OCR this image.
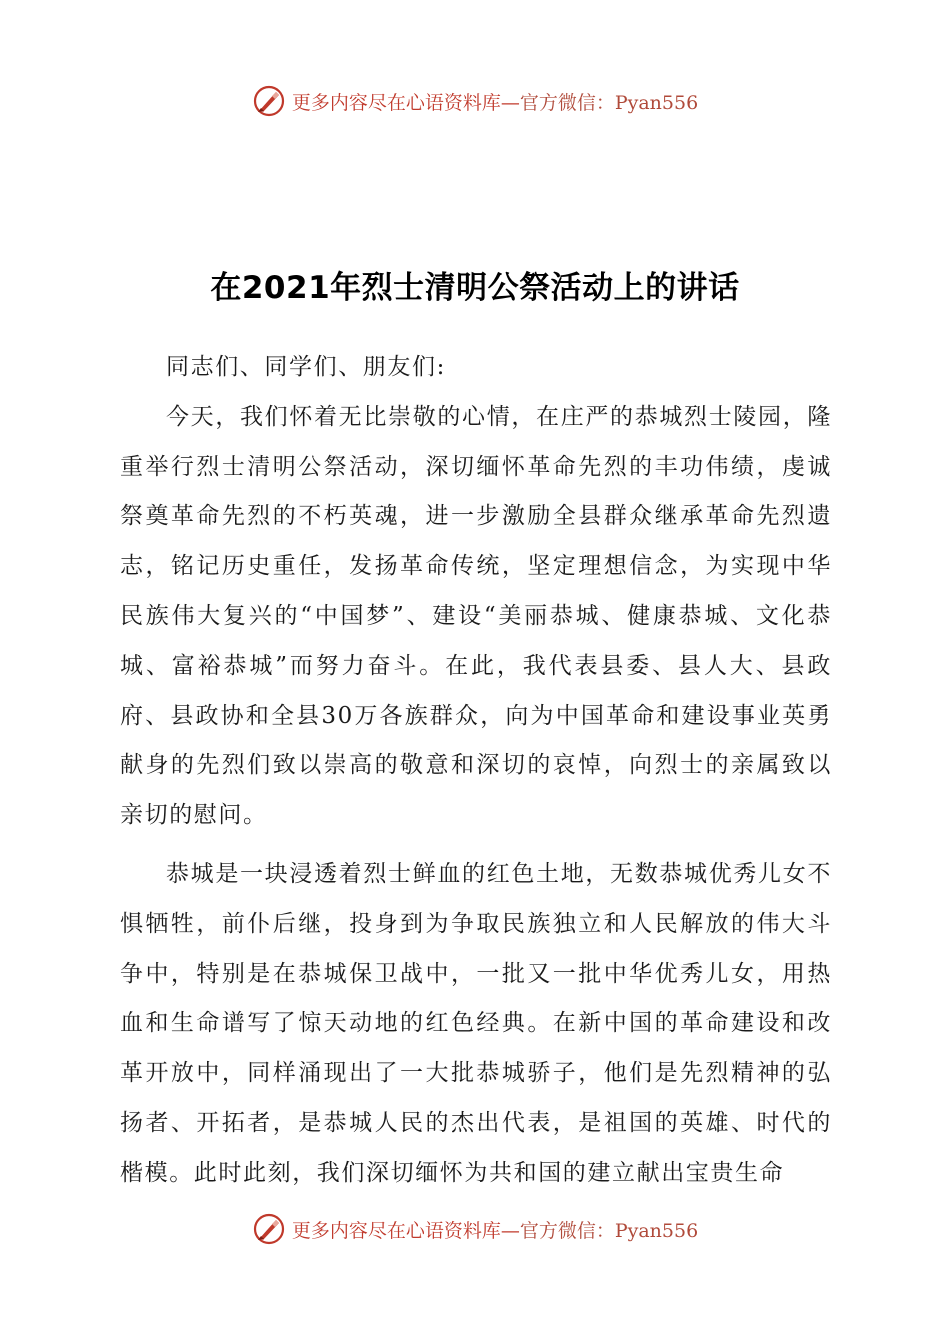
更多内容尽在心语资料库—官方微信：Pyan556
在2021年烈士清明公祭活动上的讲话

同志们、同学们、朋友们:

今天，我们怀着无比崇敬的心情，在庄严的恭城烈士陵园，隆重举行烈士清明公祭活动，深切缅怀革命先烈的丰功伟绩，虔诚祭奠革命先烈的不朽英魂，进一步激励全县群众继承革命先烈遗志，铭记历史重任，发扬革命传统，坚定理想信念，为实现中华民族伟大复兴的“中国梦”、建设“美丽恭城、健康恭城、文化恭城、富裕恭城”而努力奋斗。在此，我代表县委、县人大、县政府、县政协和全县30万各族群众，向为中国革命和建设事业英勇献身的先烈们致以崇高的敬意和深切的哀悼，向烈士的亲属致以亲切的慰问。

恭城是一块浸透着烈士鲜血的红色土地，无数恭城优秀儿女不惧牺牲，前仆后继，投身到为争取民族独立和人民解放的伟大斗争中，特别是在恭城保卫战中，一批又一批中华优秀儿女，用热血和生命谱写了惊天动地的红色经典。在新中国的革命建设和改革开放中，同样涌现出了一大批恭城骄子，他们是先烈精神的弘扬者、开拓者，是恭城人民的杰出代表，是祖国的英雄、时代的楷模。此时此刻，我们深切缅怀为共和国的建立献出宝贵生命

更多内容尽在心语资料库—官方微信：Pyan556
